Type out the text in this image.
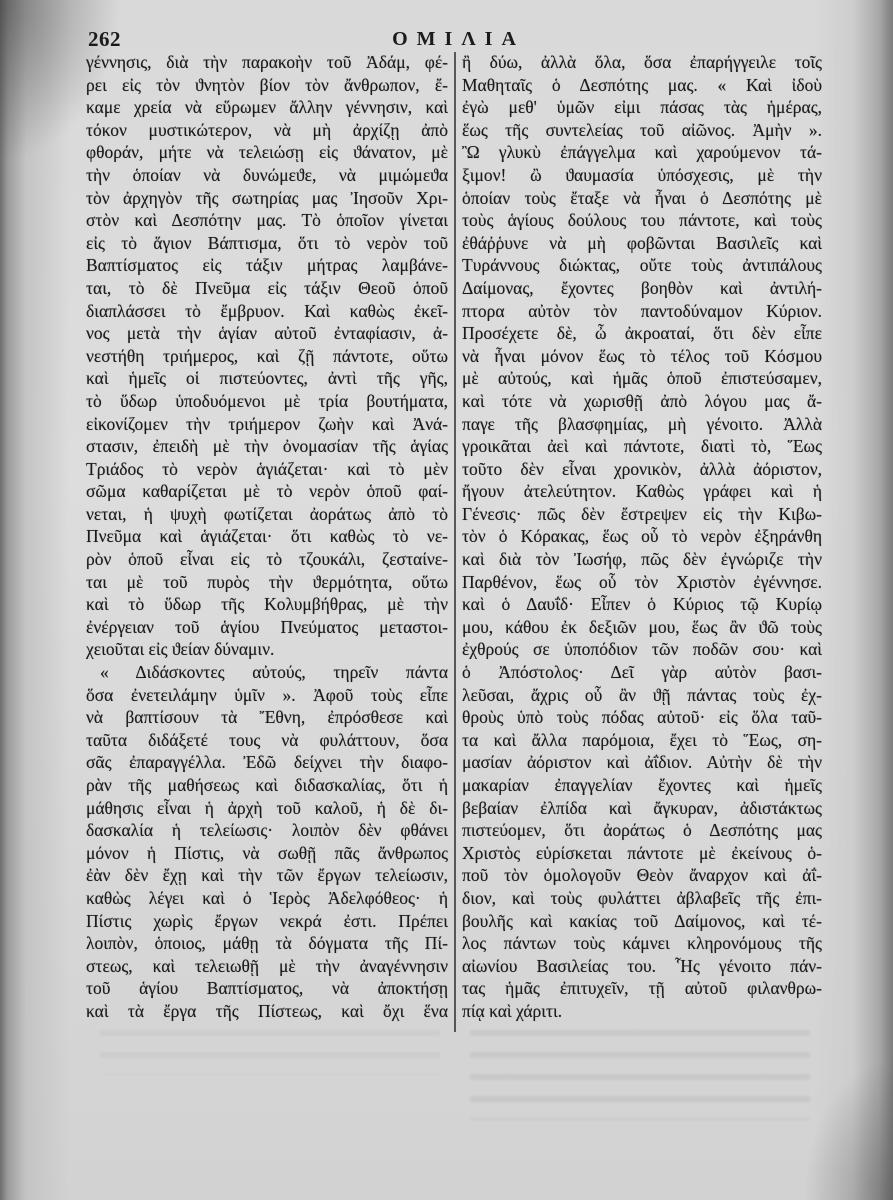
262	ΟΜΙΛΙΑ
γέννησις, διὰ τὴν παρακοὴν τοῦ Ἀδάμ, φέ-
ρει εἰς τὸν ϑνητὸν βίον τὸν ἄνθρωπον, ἔ-
καμε χρεία νὰ εὕρωμεν ἄλλην γέννησιν, καὶ
τόκον μυστικώτερον, νὰ μὴ ἀρχίζῃ ἀπὸ
φθοράν, μήτε νὰ τελειώσῃ εἰς ϑάνατον, μὲ
τὴν ὁποίαν νὰ δυνώμεϑε, νὰ μιμώμεϑα
τὸν ἀρχηγὸν τῆς σωτηρίας μας Ἰησοῦν Χρι-
στὸν καὶ Δεσπότην μας. Τὸ ὁποῖον γίνεται
εἰς τὸ ἅγιον Βάπτισμα, ὅτι τὸ νερὸν τοῦ
Βαπτίσματος εἰς τάξιν μήτρας λαμβάνε-
ται, τὸ δὲ Πνεῦμα εἰς τάξιν Θεοῦ ὁποῦ
διαπλάσσει τὸ ἔμβρυον. Καὶ καθὼς ἐκεῖ-
νος μετὰ τὴν ἁγίαν αὐτοῦ ἐνταφίασιν, ἀ-
νεστήθη τριήμερος, καὶ ζῇ πάντοτε, οὕτω
καὶ ἡμεῖς οἱ πιστεύοντες, ἀντὶ τῆς γῆς,
τὸ ὕδωρ ὑποδυόμενοι μὲ τρία βουτήματα,
εἰκονίζομεν τὴν τριήμερον ζωὴν καὶ Ἀνά-
στασιν, ἐπειδὴ μὲ τὴν ὀνομασίαν τῆς ἁγίας
Τριάδος τὸ νερὸν ἁγιάζεται· καὶ τὸ μὲν
σῶμα καθαρίζεται μὲ τὸ νερὸν ὁποῦ φαί-
νεται, ἡ ψυχὴ φωτίζεται ἀοράτως ἀπὸ τὸ
Πνεῦμα καὶ ἁγιάζεται· ὅτι καθὼς τὸ νε-
ρὸν ὁποῦ εἶναι εἰς τὸ τζουκάλι, ζεσταίνε-
ται μὲ τοῦ πυρὸς τὴν ϑερμότητα, οὕτω
καὶ τὸ ὕδωρ τῆς Κολυμβήθρας, μὲ τὴν
ἐνέργειαν τοῦ ἁγίου Πνεύματος μεταστοι-
χειοῦται εἰς ϑείαν δύναμιν.
« Διδάσκοντες αὐτούς, τηρεῖν πάντα
ὅσα ἐνετειλάμην ὑμῖν ». Ἀφοῦ τοὺς εἶπε
νὰ βαπτίσουν τὰ Ἔθνη, ἐπρόσθεσε καὶ
ταῦτα διδάξετέ τους νὰ φυλάττουν, ὅσα
σᾶς ἐπαραγγέλλα. Ἐδῶ δείχνει τὴν διαφο-
ρὰν τῆς μαθήσεως καὶ διδασκαλίας, ὅτι ἡ
μάθησις εἶναι ἡ ἀρχὴ τοῦ καλοῦ, ἡ δὲ δι-
δασκαλία ἡ τελείωσις· λοιπὸν δὲν φθάνει
μόνον ἡ Πίστις, νὰ σωθῇ πᾶς ἄνθρωπος
ἐὰν δὲν ἔχῃ καὶ τὴν τῶν ἔργων τελείωσιν,
καθὼς λέγει καὶ ὁ Ἱερὸς Ἀδελφόθεος· ἡ
Πίστις χωρὶς ἔργων νεκρά ἐστι. Πρέπει
λοιπὸν, ὁποιος, μάθῃ τὰ δόγματα τῆς Πί-
στεως, καὶ τελειωθῇ μὲ τὴν ἀναγέννησιν
τοῦ ἁγίου Βαπτίσματος, νὰ ἀποκτήσῃ
καὶ τὰ ἔργα τῆς Πίστεως, καὶ ὄχι ἕνα
ἢ δύω, ἀλλὰ ὅλα, ὅσα ἐπαρήγγειλε τοῖς
Μαθηταῖς ὁ Δεσπότης μας. « Καὶ ἰδοὺ
ἐγὼ μεθ' ὑμῶν εἰμι πάσας τὰς ἡμέρας,
ἕως τῆς συντελείας τοῦ αἰῶνος. Ἀμὴν ».
Ὢ γλυκὺ ἐπάγγελμα καὶ χαρούμενον τά-
ξιμον! ὢ ϑαυμασία ὑπόσχεσις, μὲ τὴν
ὁποίαν τοὺς ἔταξε νὰ ἦναι ὁ Δεσπότης μὲ
τοὺς ἁγίους δούλους του πάντοτε, καὶ τοὺς
ἐθάῤῥυνε νὰ μὴ φοβῶνται Βασιλεῖς καὶ
Τυράννους διώκτας, οὔτε τοὺς ἀντιπάλους
Δαίμονας, ἔχοντες βοηθὸν καὶ ἀντιλή-
πτορα αὐτὸν τὸν παντοδύναμον Κύριον.
Προσέχετε δὲ, ὦ ἀκροαταί, ὅτι δὲν εἶπε
νὰ ἦναι μόνον ἕως τὸ τέλος τοῦ Κόσμου
μὲ αὐτούς, καὶ ἡμᾶς ὁποῦ ἐπιστεύσαμεν,
καὶ τότε νὰ χωρισθῇ ἀπὸ λόγου μας ἄ-
παγε τῆς βλασφημίας, μὴ γένοιτο. Ἀλλὰ
γροικᾶται ἀεὶ καὶ πάντοτε, διατὶ τὸ, Ἕως
τοῦτο δὲν εἶναι χρονικὸν, ἀλλὰ ἀόριστον,
ἤγουν ἀτελεύτητον. Καθὼς γράφει καὶ ἡ
Γένεσις· πῶς δὲν ἔστρεψεν εἰς τὴν Κιβω-
τὸν ὁ Κόρακας, ἕως οὗ τὸ νερὸν ἐξηράνθη
καὶ διὰ τὸν Ἰωσήφ, πῶς δὲν ἐγνώριζε τὴν
Παρθένον, ἕως οὗ τὸν Χριστὸν ἐγέννησε.
καὶ ὁ Δαυΐδ· Εἶπεν ὁ Κύριος τῷ Κυρίῳ
μου, κάθου ἐκ δεξιῶν μου, ἕως ἂν ϑῶ τοὺς
ἐχθρούς σε ὑποπόδιον τῶν ποδῶν σου· καὶ
ὁ Ἀπόστολος· Δεῖ γὰρ αὐτὸν βασι-
λεῦσαι, ἄχρις οὗ ἂν ϑῇ πάντας τοὺς ἐχ-
θροὺς ὑπὸ τοὺς πόδας αὐτοῦ· εἰς ὅλα ταῦ-
τα καὶ ἄλλα παρόμοια, ἔχει τὸ Ἕως, ση-
μασίαν ἀόριστον καὶ ἀΐδιον. Αὐτὴν δὲ τὴν
μακαρίαν ἐπαγγελίαν ἔχοντες καὶ ἡμεῖς
βεβαίαν ἐλπίδα καὶ ἄγκυραν, ἀδιστάκτως
πιστεύομεν, ὅτι ἀοράτως ὁ Δεσπότης μας
Χριστὸς εὑρίσκεται πάντοτε μὲ ἐκείνους ὁ-
ποῦ τὸν ὁμολογοῦν Θεὸν ἄναρχον καὶ ἀΐ-
διον, καὶ τοὺς φυλάττει ἀβλαβεῖς τῆς ἐπι-
βουλῆς καὶ κακίας τοῦ Δαίμονος, καὶ τέ-
λος πάντων τοὺς κάμνει κληρονόμους τῆς
αἰωνίου Βασιλείας του. Ἧς γένοιτο πάν-
τας ἡμᾶς ἐπιτυχεῖν, τῇ αὐτοῦ φιλανθρω-
πίᾳ καὶ χάριτι.
